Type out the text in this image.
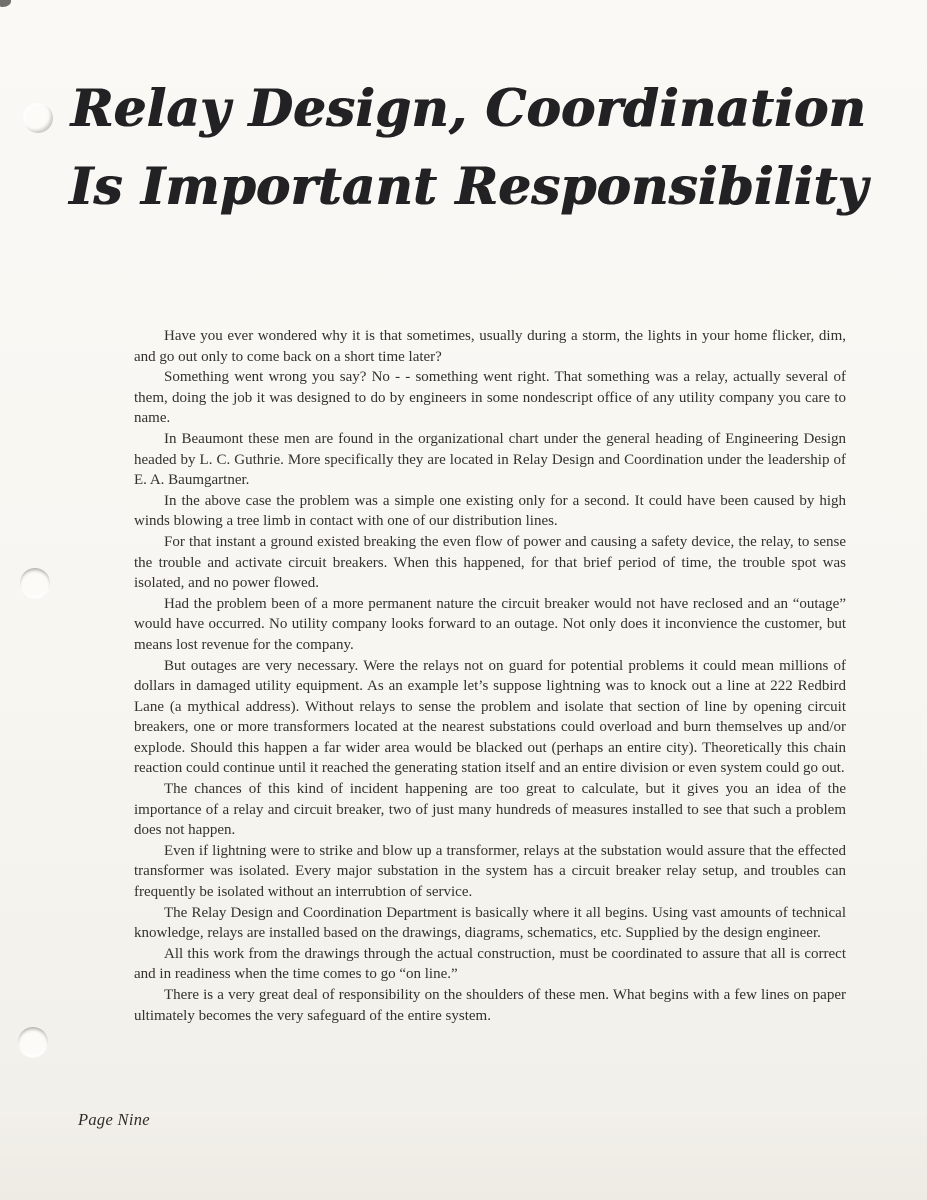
Relay Design, Coordination
Is Important Responsibility

Have you ever wondered why it is that sometimes, usually during a storm, the lights in your home flicker, dim, and go out only to come back on a short time later?

Something went wrong you say? No - - something went right. That something was a relay, actually several of them, doing the job it was designed to do by engineers in some nondescript office of any utility company you care to name.

In Beaumont these men are found in the organizational chart under the general heading of Engineering Design headed by L. C. Guthrie. More specifically they are located in Relay Design and Coordination under the leadership of E. A. Baumgartner.

In the above case the problem was a simple one existing only for a second. It could have been caused by high winds blowing a tree limb in contact with one of our distribution lines.

For that instant a ground existed breaking the even flow of power and causing a safety device, the relay, to sense the trouble and activate circuit breakers. When this happened, for that brief period of time, the trouble spot was isolated, and no power flowed.

Had the problem been of a more permanent nature the circuit breaker would not have reclosed and an “outage” would have occurred. No utility company looks forward to an outage. Not only does it inconvience the customer, but means lost revenue for the company.

But outages are very necessary. Were the relays not on guard for potential problems it could mean millions of dollars in damaged utility equipment. As an example let’s suppose lightning was to knock out a line at 222 Redbird Lane (a mythical address). Without relays to sense the problem and isolate that section of line by opening circuit breakers, one or more transformers located at the nearest substations could overload and burn themselves up and/or explode. Should this happen a far wider area would be blacked out (perhaps an entire city). Theoretically this chain reaction could continue until it reached the generating station itself and an entire division or even system could go out.

The chances of this kind of incident happening are too great to calculate, but it gives you an idea of the importance of a relay and circuit breaker, two of just many hundreds of measures installed to see that such a problem does not happen.

Even if lightning were to strike and blow up a transformer, relays at the substation would assure that the effected transformer was isolated. Every major substation in the system has a circuit breaker relay setup, and troubles can frequently be isolated without an interrubtion of service.

The Relay Design and Coordination Department is basically where it all begins. Using vast amounts of technical knowledge, relays are installed based on the drawings, diagrams, schematics, etc. Supplied by the design engineer.

All this work from the drawings through the actual construction, must be coordinated to assure that all is correct and in readiness when the time comes to go “on line.”

There is a very great deal of responsibility on the shoulders of these men. What begins with a few lines on paper ultimately becomes the very safeguard of the entire system.

Page Nine
